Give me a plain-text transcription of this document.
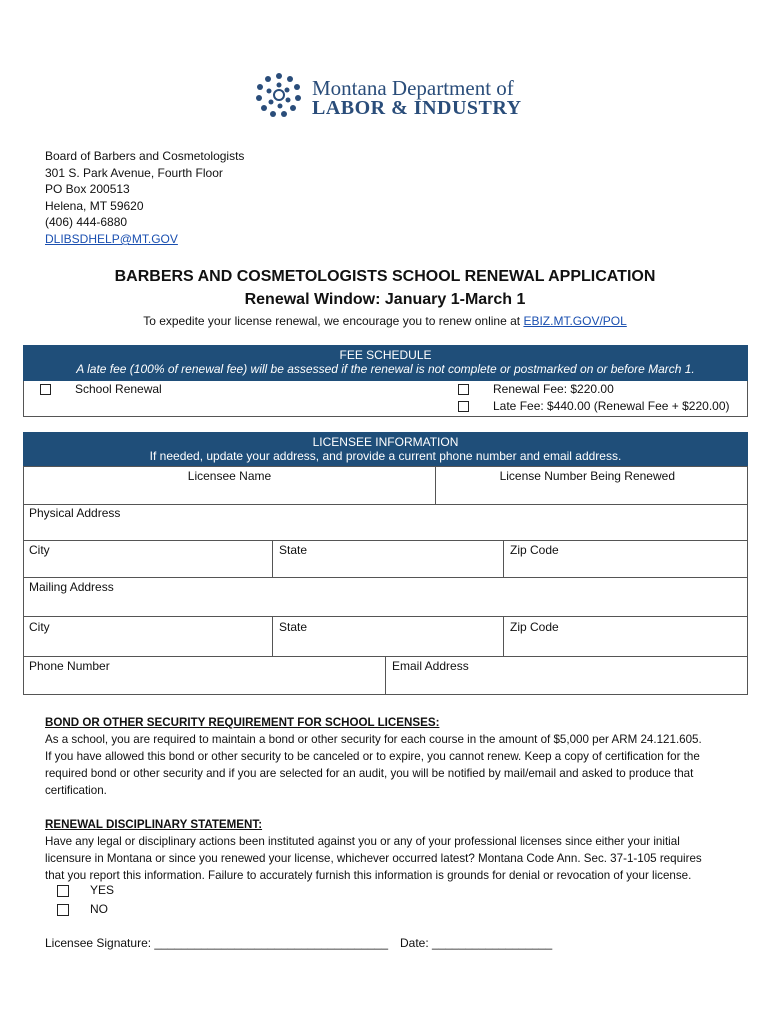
Montana Department of
LABOR & INDUSTRY
Board of Barbers and Cosmetologists
301 S. Park Avenue, Fourth Floor
PO Box 200513
Helena, MT 59620
(406) 444-6880
DLIBSDHELP@MT.GOV
BARBERS AND COSMETOLOGISTS SCHOOL RENEWAL APPLICATION
Renewal Window: January 1-March 1
To expedite your license renewal, we encourage you to renew online at EBIZ.MT.GOV/POL
FEE SCHEDULE
A late fee (100% of renewal fee) will be assessed if the renewal is not complete or postmarked on or before March 1.
School Renewal	Renewal Fee: $220.00
Late Fee: $440.00 (Renewal Fee + $220.00)
LICENSEE INFORMATION
If needed, update your address, and provide a current phone number and email address.
Licensee Name	License Number Being Renewed
Physical Address
City	State	Zip Code
Mailing Address
City	State	Zip Code
Phone Number	Email Address
BOND OR OTHER SECURITY REQUIREMENT FOR SCHOOL LICENSES:
As a school, you are required to maintain a bond or other security for each course in the amount of $5,000 per ARM 24.121.605.
If you have allowed this bond or other security to be canceled or to expire, you cannot renew. Keep a copy of certification for the
required bond or other security and if you are selected for an audit, you will be notified by mail/email and asked to produce that
certification.
RENEWAL DISCIPLINARY STATEMENT:
Have any legal or disciplinary actions been instituted against you or any of your professional licenses since either your initial
licensure in Montana or since you renewed your license, whichever occurred latest? Montana Code Ann. Sec. 37-1-105 requires
that you report this information. Failure to accurately furnish this information is grounds for denial or revocation of your license.
YES
NO
Licensee Signature: ___________________________________ Date: __________________
